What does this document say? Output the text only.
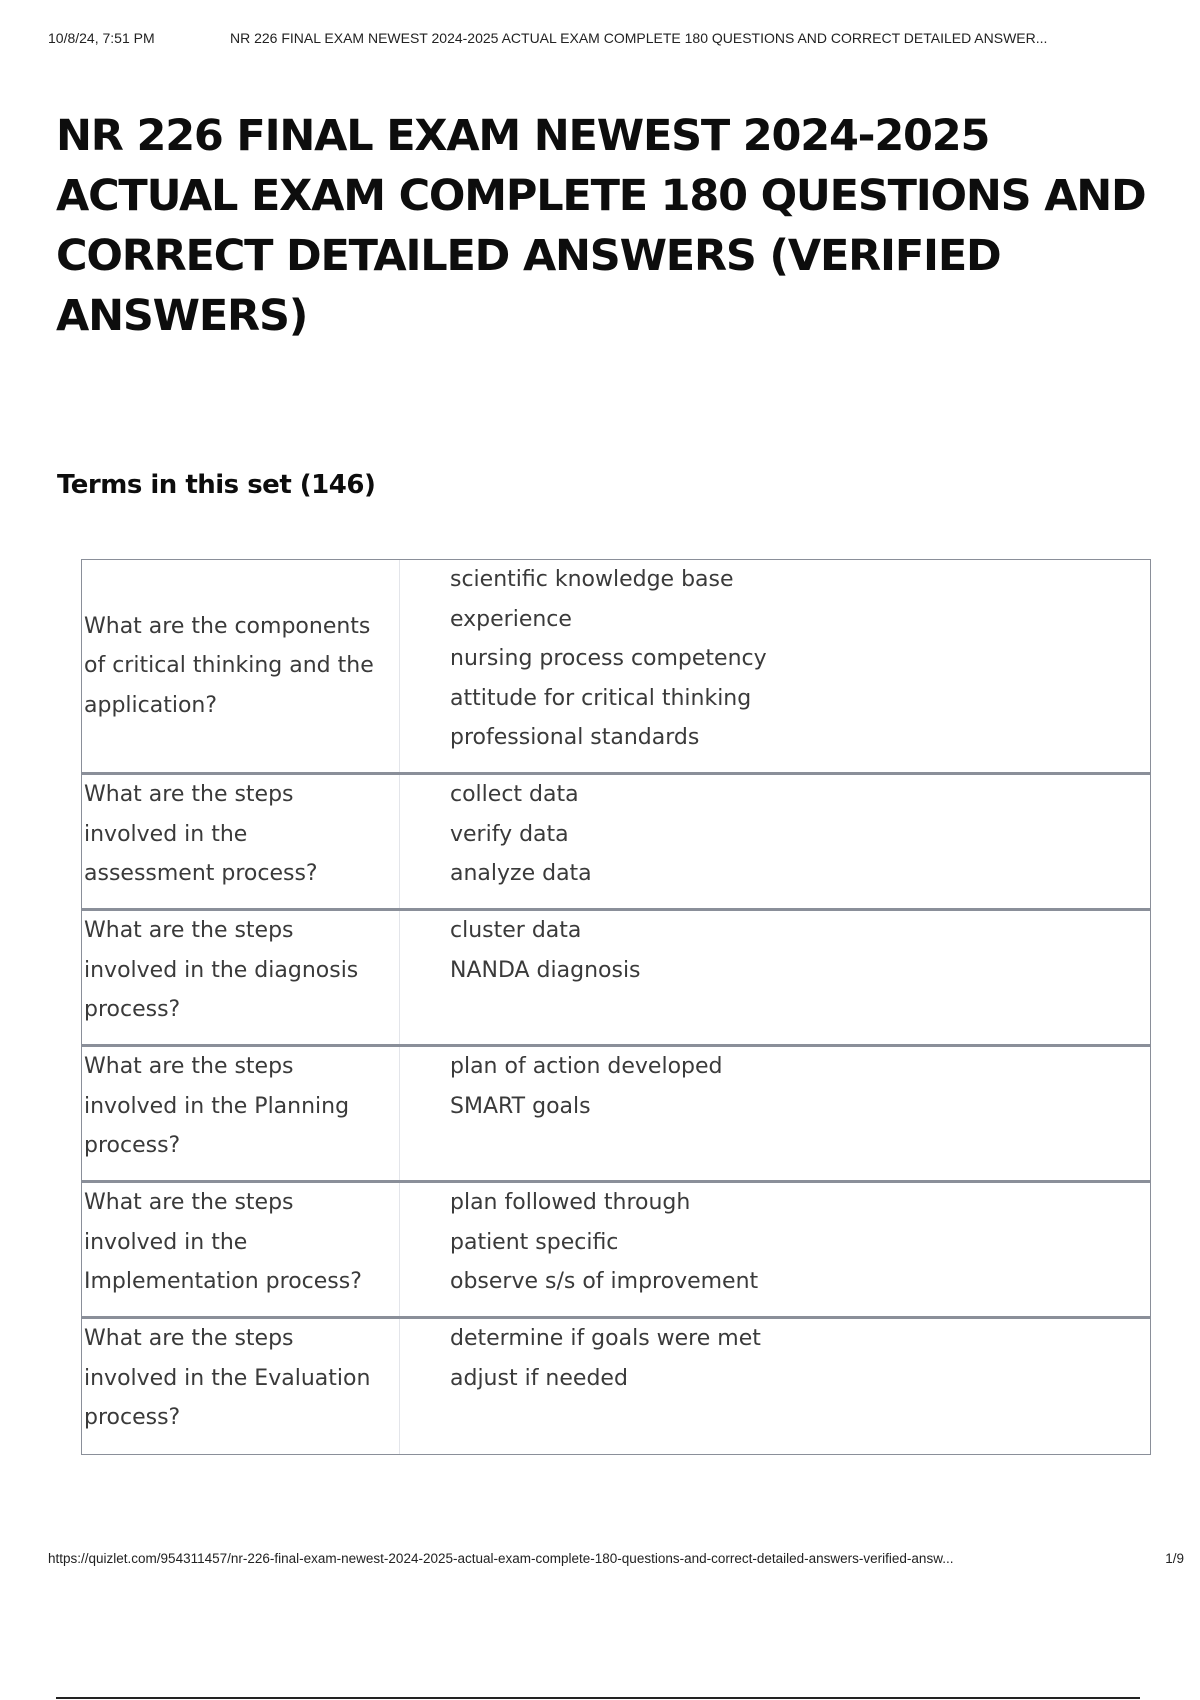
10/8/24, 7:51 PM	NR 226 FINAL EXAM NEWEST 2024-2025 ACTUAL EXAM COMPLETE 180 QUESTIONS AND CORRECT DETAILED ANSWER...
NR 226 FINAL EXAM NEWEST 2024-2025 ACTUAL EXAM COMPLETE 180 QUESTIONS AND CORRECT DETAILED ANSWERS (VERIFIED ANSWERS)
Terms in this set (146)
What are the components of critical thinking and the application?
scientific knowledge base
experience
nursing process competency
attitude for critical thinking
professional standards
What are the steps involved in the assessment process?
collect data
verify data
analyze data
What are the steps involved in the diagnosis process?
cluster data
NANDA diagnosis
What are the steps involved in the Planning process?
plan of action developed
SMART goals
What are the steps involved in the Implementation process?
plan followed through
patient specific
observe s/s of improvement
What are the steps involved in the Evaluation process?
determine if goals were met
adjust if needed
https://quizlet.com/954311457/nr-226-final-exam-newest-2024-2025-actual-exam-complete-180-questions-and-correct-detailed-answers-verified-answ...	1/9
